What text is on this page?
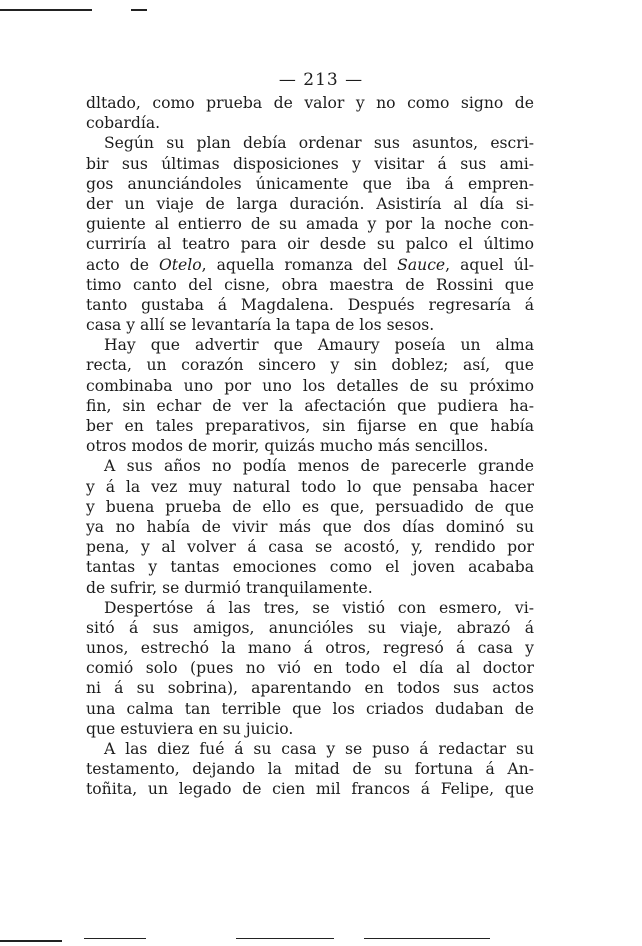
— 213 —
dltado, como prueba de valor y no como signo de
cobardía.
Según su plan debía ordenar sus asuntos, escri-
bir sus últimas disposiciones y visitar á sus ami-
gos anunciándoles únicamente que iba á empren-
der un viaje de larga duración. Asistiría al día si-
guiente al entierro de su amada y por la noche con-
curriría al teatro para oir desde su palco el último
acto de Otelo, aquella romanza del Sauce, aquel úl-
timo canto del cisne, obra maestra de Rossini que
tanto gustaba á Magdalena. Después regresaría á
casa y allí se levantaría la tapa de los sesos.
Hay que advertir que Amaury poseía un alma
recta, un corazón sincero y sin doblez; así, que
combinaba uno por uno los detalles de su próximo
fin, sin echar de ver la afectación que pudiera ha-
ber en tales preparativos, sin fijarse en que había
otros modos de morir, quizás mucho más sencillos.
A sus años no podía menos de parecerle grande
y á la vez muy natural todo lo que pensaba hacer
y buena prueba de ello es que, persuadido de que
ya no había de vivir más que dos días dominó su
pena, y al volver á casa se acostó, y, rendido por
tantas y tantas emociones como el joven acababa
de sufrir, se durmió tranquilamente.
Despertóse á las tres, se vistió con esmero, vi-
sitó á sus amigos, anuncióles su viaje, abrazó á
unos, estrechó la mano á otros, regresó á casa y
comió solo (pues no vió en todo el día al doctor
ni á su sobrina), aparentando en todos sus actos
una calma tan terrible que los criados dudaban de
que estuviera en su juicio.
A las diez fué á su casa y se puso á redactar su
testamento, dejando la mitad de su fortuna á An-
toñita, un legado de cien mil francos á Felipe, que
